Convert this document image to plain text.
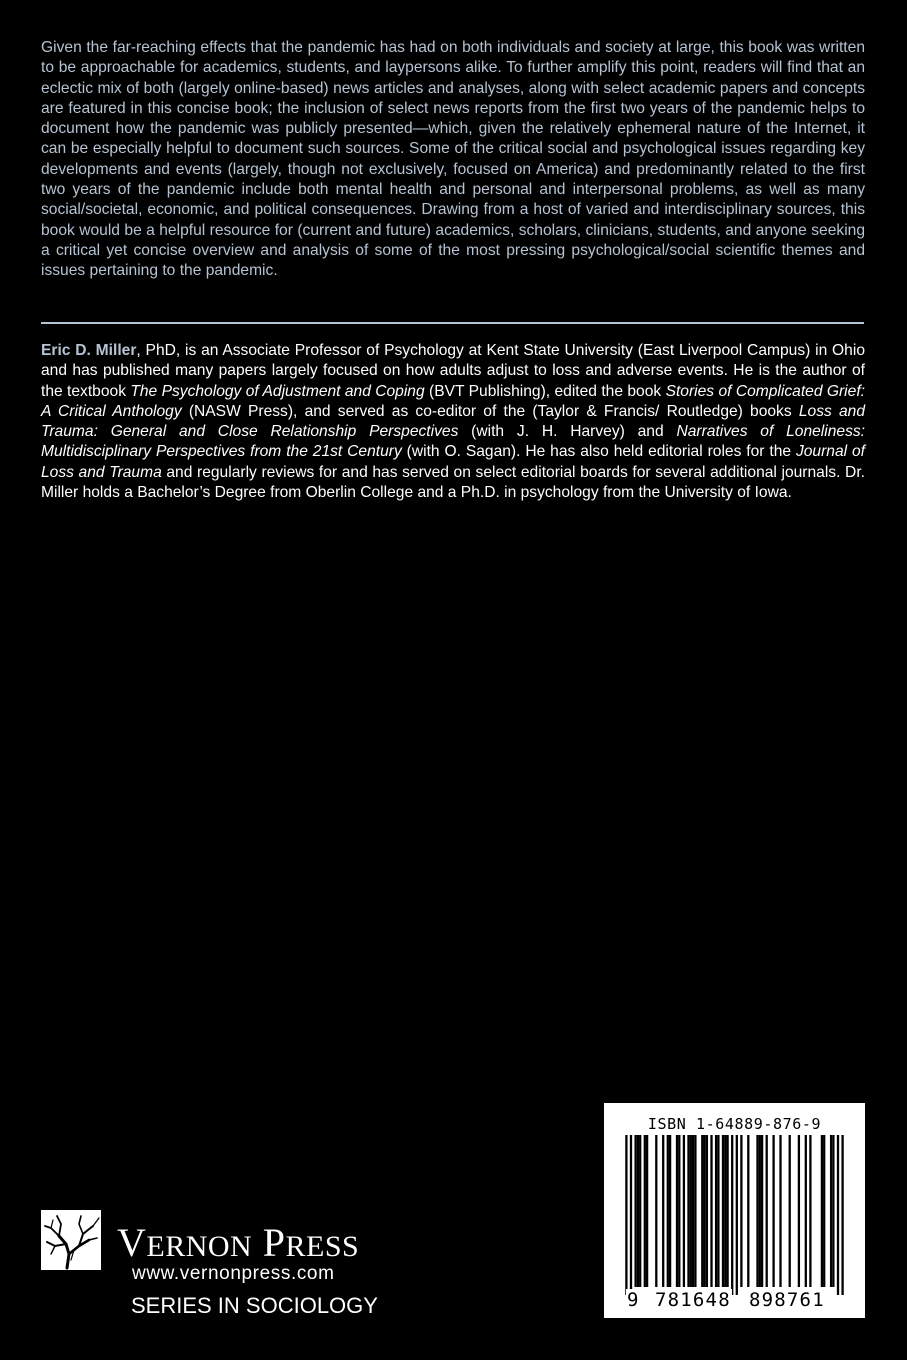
Given the far-reaching effects that the pandemic has had on both individuals and society at large, this book was written to be approachable for academics, students, and laypersons alike. To further amplify this point, readers will find that an eclectic mix of both (largely online-based) news articles and analyses, along with select academic papers and concepts are featured in this concise book; the inclusion of select news reports from the first two years of the pandemic helps to document how the pandemic was publicly presented—which, given the relatively ephemeral nature of the Internet, it can be especially helpful to document such sources. Some of the critical social and psychological issues regarding key developments and events (largely, though not exclusively, focused on America) and predominantly related to the first two years of the pandemic include both mental health and personal and interpersonal problems, as well as many social/societal, economic, and political consequences. Drawing from a host of varied and interdisciplinary sources, this book would be a helpful resource for (current and future) academics, scholars, clinicians, students, and anyone seeking a critical yet concise overview and analysis of some of the most pressing psychological/social scientific themes and issues pertaining to the pandemic.

Eric D. Miller, PhD, is an Associate Professor of Psychology at Kent State University (East Liverpool Campus) in Ohio and has published many papers largely focused on how adults adjust to loss and adverse events. He is the author of the textbook The Psychology of Adjustment and Coping (BVT Publishing), edited the book Stories of Complicated Grief: A Critical Anthology (NASW Press), and served as co-editor of the (Taylor & Francis/ Routledge) books Loss and Trauma: General and Close Relationship Perspectives (with J. H. Harvey) and Narratives of Loneliness: Multidisciplinary Perspectives from the 21st Century (with O. Sagan). He has also held editorial roles for the Journal of Loss and Trauma and regularly reviews for and has served on select editorial boards for several additional journals. Dr. Miller holds a Bachelor’s Degree from Oberlin College and a Ph.D. in psychology from the University of Iowa.

VERNON PRESS
www.vernonpress.com
SERIES IN SOCIOLOGY
ISBN 1-64889-876-9
9 781648 898761
